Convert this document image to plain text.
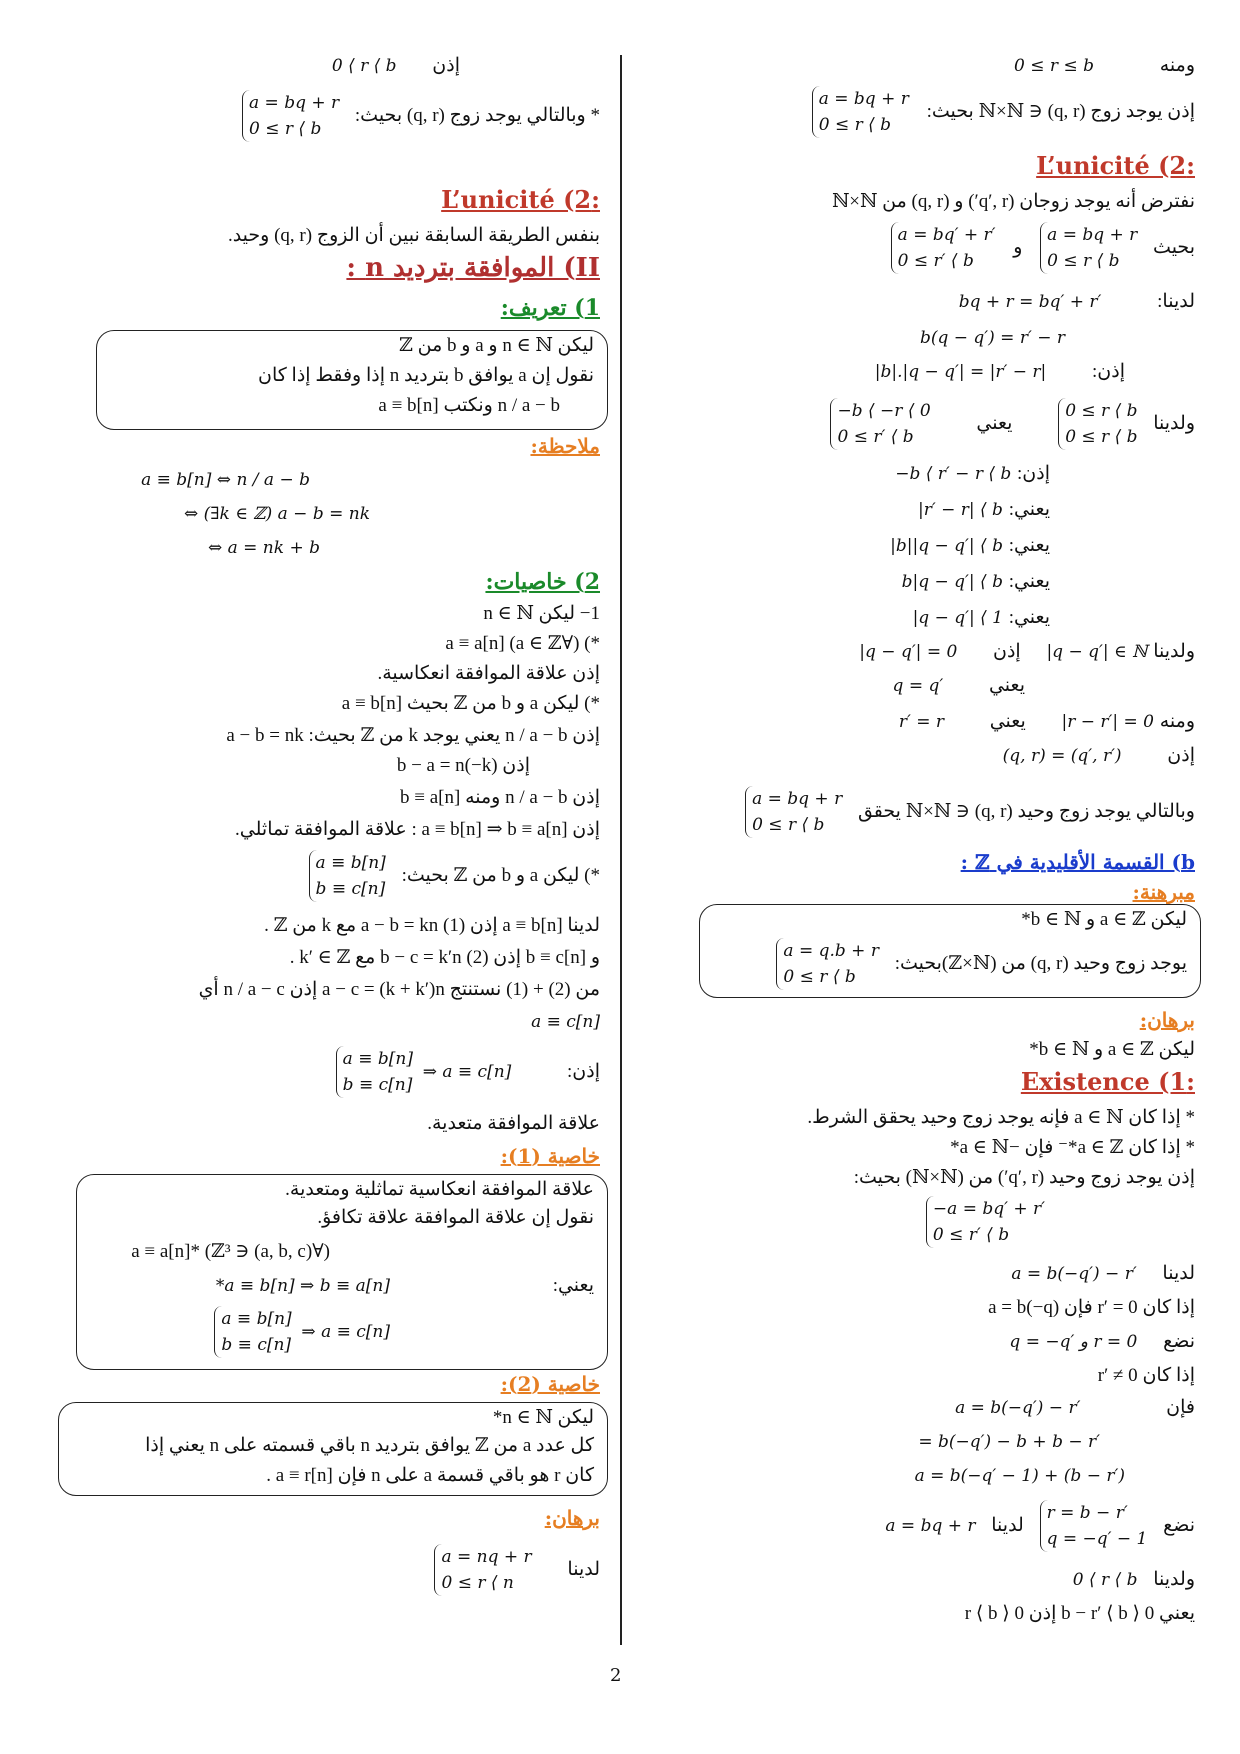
ومنه 0 ≤ r ≤ b
إذن يوجد زوج (q, r) ∈ ℕ×ℕ بحيث:
a = bq + r
0 ≤ r ⟨ b
:L’unicité (2
نفترض أنه يوجد زوجان (q′, r′) و (q, r) من ℕ×ℕ
بحيث
a = bq + r
0 ≤ r ⟨ b
و
a = bq′ + r′
0 ≤ r′ ⟨ b
لدينا: bq + r = bq′ + r′
b(q − q′) = r′ − r
إذن: |b|.|q − q′| = |r′ − r|
ولدينا
0 ≤ r ⟨ b
0 ≤ r ⟨ b
يعني
−b ⟨ −r ⟨ 0
0 ≤ r′ ⟨ b
إذن: −b ⟨ r′ − r ⟨ b
يعني: |r′ − r| ⟨ b
يعني: |b||q − q′| ⟨ b
يعني: b|q − q′| ⟨ b
يعني: |q − q′| ⟨ 1
ولدينا |q − q′| ∈ ℕ إذن |q − q′| = 0
يعني q = q′
ومنه |r − r′| = 0 يعني r′ = r
إذن (q, r) = (q′, r′)
وبالتالي يوجد زوج وحيد (q, r) ∈ ℕ×ℕ يحقق
a = bq + r
0 ≤ r ⟨ b
b) القسمة الأقليدية في ℤ :
مبرهنة:
ليكن a ∈ ℤ و b ∈ ℕ*
يوجد زوج وحيد (q, r) من (ℤ×ℕ)بحيث:
a = q.b + r
0 ≤ r ⟨ b
برهان:
ليكن a ∈ ℤ و b ∈ ℕ*
:Existence (1
* إذا كان a ∈ ℕ فإنه يوجد زوج وحيد يحقق الشرط.
* إذا كان a ∈ ℤ*⁻ فإن −a ∈ ℕ*
إذن يوجد زوج وحيد (q′, r′) من (ℕ×ℕ) بحيث:
−a = bq′ + r′
0 ≤ r′ ⟨ b
لدينا a = b(−q′) − r′
إذا كان r′ = 0 فإن a = b(−q)
نضع q = −q′ و r = 0
إذا كان r′ ≠ 0
فإن a = b(−q′) − r′
= b(−q′) − b + b − r′
a = b(−q′ − 1) + (b − r′)
نضع
r = b − r′
q = −q′ − 1
لدينا a = bq + r
ولدينا 0 ⟨ r ⟨ b
يعني 0 ⟨ b − r′ ⟨ b إذن 0 ⟨ r ⟨ b
إذن 0 ⟨ r ⟨ b
* وبالتالي يوجد زوج (q, r) بحيث:
a = bq + r
0 ≤ r ⟨ b
:L’unicité (2
بنفس الطريقة السابقة نبين أن الزوج (q, r) وحيد.
II) الموافقة بترديد n :
1) تعريف:
ليكن n ∈ ℕ و a و b من ℤ
نقول إن a يوافق b بترديد n إذا وفقط إذا كان
n / a − b ونكتب a ≡ b[n]
ملاحظة:
a ≡ b[n] ⇔ n / a − b
⇔ (∃k ∈ ℤ) a − b = nk
⇔ a = nk + b
2) خاصيات:
1− ليكن n ∈ ℕ
*) (∀a ∈ ℤ) a ≡ a[n]
إذن علاقة الموافقة انعكاسية.
*) ليكن a و b من ℤ بحيث a ≡ b[n]
إذن n / a − b يعني يوجد k من ℤ بحيث: a − b = nk
إذن b − a = n(−k)
إذن n / a − b ومنه b ≡ a[n]
إذن a ≡ b[n] ⇒ b ≡ a[n] : علاقة الموافقة تماثلي.
*) ليكن a و b من ℤ بحيث:
a ≡ b[n]
b ≡ c[n]
لدينا a ≡ b[n] إذن (1) a − b = kn مع k من ℤ .
و b ≡ c[n] إذن (2) b − c = k′n مع k′ ∈ ℤ .
من (2) + (1) نستنتج a − c = (k + k′)n إذن n / a − c أي
a ≡ c[n]
إذن: ⇒ a ≡ c[n]
a ≡ b[n]
b ≡ c[n]
علاقة الموافقة متعدية.
خاصية (1):
علاقة الموافقة انعكاسية تماثلية ومتعدية.
نقول إن علاقة الموافقة علاقة تكافؤ.
(∀(a, b, c) ∈ ℤ³) *a ≡ a[n]
يعني:
*a ≡ b[n] ⇒ b ≡ a[n]
⇒ a ≡ c[n]
a ≡ b[n]
b ≡ c[n]
خاصية (2):
ليكن n ∈ ℕ*
كل عدد a من ℤ يوافق بترديد n باقي قسمته على n يعني إذا
كان r هو باقي قسمة a على n فإن a ≡ r[n] .
برهان:
لدينا
a = nq + r
0 ≤ r ⟨ n
2
